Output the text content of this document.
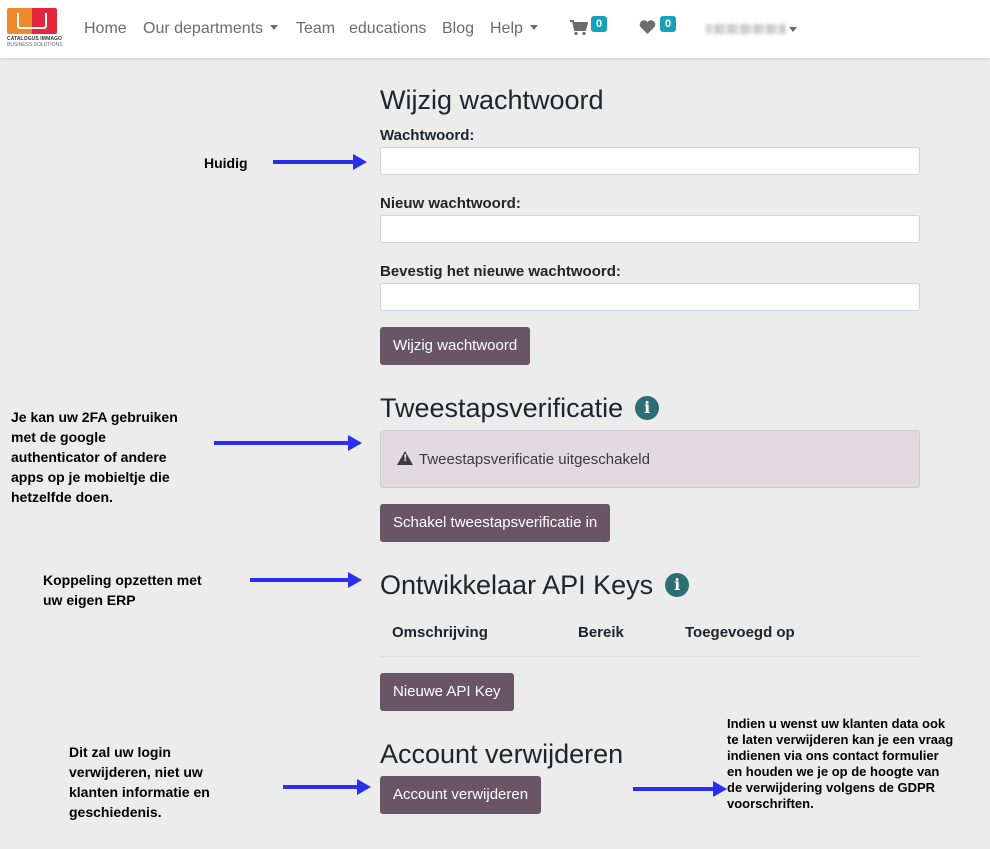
CATALOGUS IMMAGO
BUSINESS SOLUTIONS
Home Our departments	Team educations Blog Help	0	0
Wijzig wachtwoord
Wachtwoord:
Nieuw wachtwoord:
Bevestig het nieuwe wachtwoord:
Wijzig wachtwoord
Tweestapsverificatie i
!
Tweestapsverificatie uitgeschakeld
Schakel tweestapsverificatie in
Ontwikkelaar API Keys i
Omschrijving	Bereik	Toegevoegd op
Nieuwe API Key
Account verwijderen
Account verwijderen
Huidig
Je kan uw 2FA gebruiken
met de google
authenticator of andere
apps op je mobieltje die
hetzelfde doen.
Koppeling opzetten met
uw eigen ERP
Dit zal uw login
verwijderen, niet uw
klanten informatie en
geschiedenis.
Indien u wenst uw klanten data ook
te laten verwijderen kan je een vraag
indienen via ons contact formulier
en houden we je op de hoogte van
de verwijdering volgens de GDPR
voorschriften.
